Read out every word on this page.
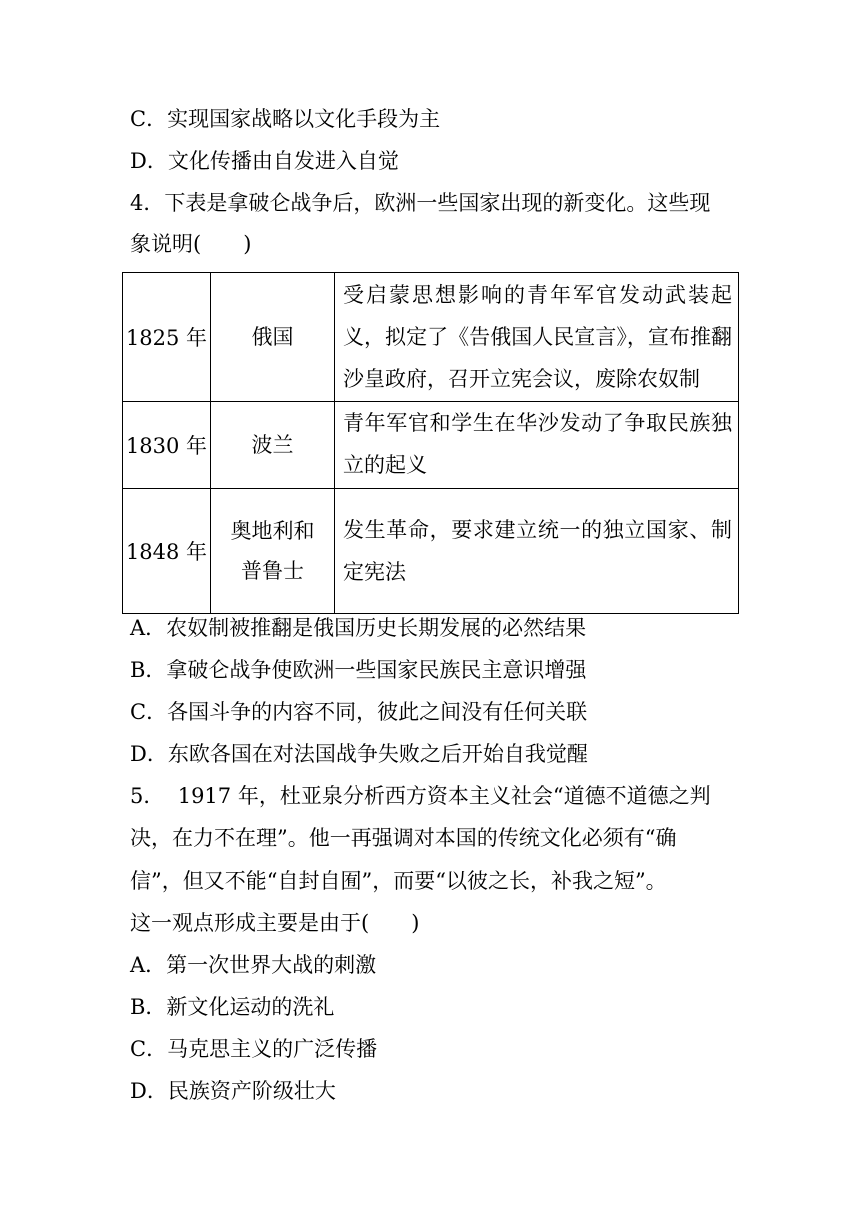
C．实现国家战略以文化手段为主
D．文化传播由自发进入自觉
4．下表是拿破仑战争后，欧洲一些国家出现的新变化。这些现
象说明(　　)
1825 年	俄国	受启蒙思想影响的青年军官发动武装起义，拟定了《告俄国人民宣言》，宣布推翻沙皇政府，召开立宪会议，废除农奴制
1830 年	波兰	青年军官和学生在华沙发动了争取民族独立的起义
1848 年	奥地利和普鲁士	发生革命，要求建立统一的独立国家、制定宪法
A．农奴制被推翻是俄国历史长期发展的必然结果
B．拿破仑战争使欧洲一些国家民族民主意识增强
C．各国斗争的内容不同，彼此之间没有任何关联
D．东欧各国在对法国战争失败之后开始自我觉醒
5．  1917 年，杜亚泉分析西方资本主义社会“道德不道德之判
决，在力不在理”。他一再强调对本国的传统文化必须有“确
信”，但又不能“自封自囿”，而要“以彼之长，补我之短”。
这一观点形成主要是由于(　　)
A．第一次世界大战的刺激
B．新文化运动的洗礼
C．马克思主义的广泛传播
D．民族资产阶级壮大
